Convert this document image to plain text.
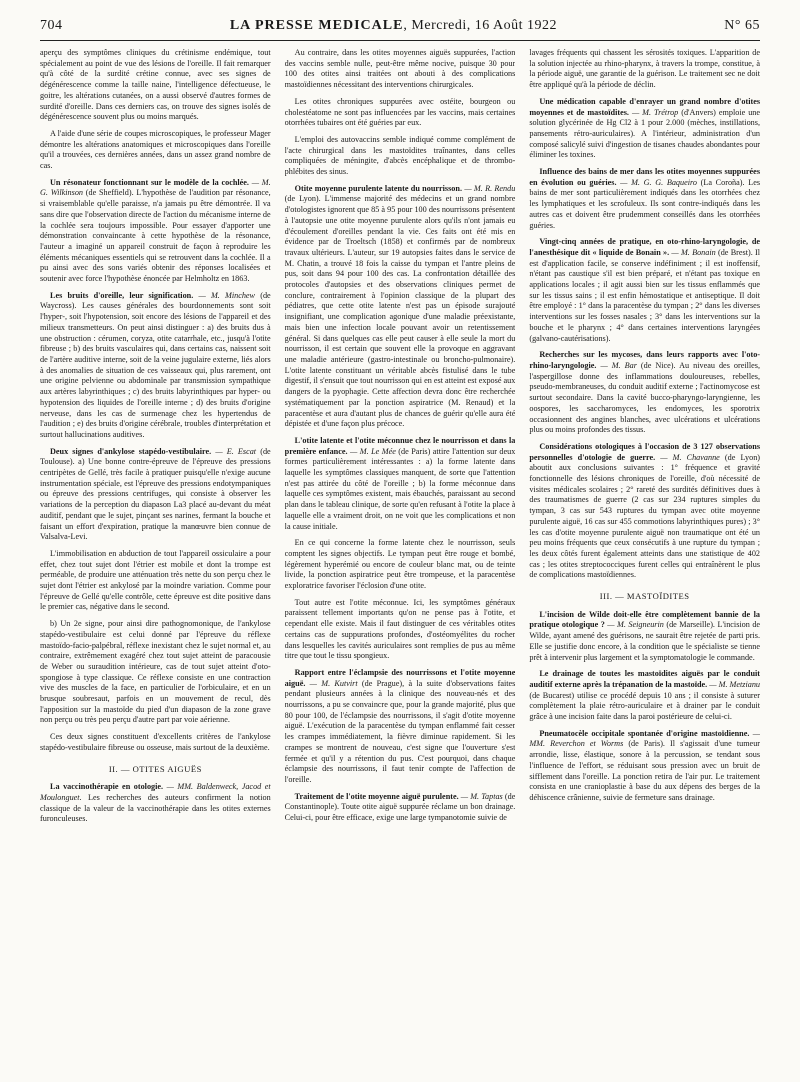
704	LA PRESSE MEDICALE, Mercredi, 16 Août 1922	N° 65

aperçu des symptômes cliniques du crétinisme endémique, tout spécialement au point de vue des lésions de l'oreille. Il fait remarquer qu'à côté de la surdité crétine connue, avec ses signes de dégénérescence comme la taille naine, l'intelligence défectueuse, le goitre, les altérations cutanées, on a aussi observé d'autres formes de surdité d'oreille. Dans ces derniers cas, on trouve des signes isolés de dégénérescence souvent plus ou moins marqués.

A l'aide d'une série de coupes microscopiques, le professeur Mager démontre les altérations anatomiques et microscopiques dans l'oreille qu'il a trouvées, ces dernières années, dans un assez grand nombre de cas.

Un résonateur fonctionnant sur le modèle de la cochlée. — M. G. Wilkinson (de Sheffield). L'hypothèse de l'audition par résonance, si vraisemblable qu'elle paraisse, n'a jamais pu être démontrée. Il va sans dire que l'observation directe de l'action du mécanisme interne de la cochlée sera toujours impossible. Pour essayer d'apporter une démonstration convaincante à cette hypothèse de la résonance, l'auteur a imaginé un appareil construit de façon à reproduire les éléments mécaniques essentiels qui se retrouvent dans la cochlée. Il a pu ainsi avec des sons variés obtenir des réponses localisées et soutenir avec force l'hypothèse énoncée par Helmholtz en 1863.

Les bruits d'oreille, leur signification. — M. Minchew (de Waycross). Les causes générales des bourdonnements sont soit l'hyper-, soit l'hypotension, soit encore des lésions de l'appareil et des milieux transmetteurs. On peut ainsi distinguer : a) des bruits dus à une obstruction : cérumen, coryza, otite catarrhale, etc., jusqu'à l'otite fibreuse ; b) des bruits vasculaires qui, dans certains cas, naissent soit de l'artère auditive interne, soit de la veine jugulaire externe, liés alors à des anomalies de situation de ces vaisseaux qui, plus rarement, ont une origine pelvienne ou abdominale par transmission sympathique aux artères labyrinthiques ; c) des bruits labyrinthiques par hyper- ou hypotension des liquides de l'oreille interne ; d) des bruits d'origine nerveuse, dans les cas de surmenage chez les hypertendus de l'audition ; e) des bruits d'origine cérébrale, troubles d'interprétation et surtout hallucinations auditives.

Deux signes d'ankylose stapédo-vestibulaire. — E. Escat (de Toulouse). a) Une bonne contre-épreuve de l'épreuve des pressions centripètes de Gellé, très facile à pratiquer puisqu'elle n'exige aucune instrumentation spéciale, est l'épreuve des pressions endotympaniques ou épreuve des pressions centrifuges, qui consiste à observer les variations de la perception du diapason La3 placé au-devant du méat auditif, pendant que le sujet, pinçant ses narines, fermant la bouche et faisant un effort d'expiration, pratique la manœuvre bien connue de Valsalva-Levi.

L'immobilisation en abduction de tout l'appareil ossiculaire a pour effet, chez tout sujet dont l'étrier est mobile et dont la trompe est perméable, de produire une atténuation très nette du son perçu chez le sujet dont l'étrier est ankylosé par la moindre variation. Comme pour l'épreuve de Gellé qu'elle contrôle, cette épreuve est dite positive dans le premier cas, négative dans le second.

b) Un 2e signe, pour ainsi dire pathognomonique, de l'ankylose stapédo-vestibulaire est celui donné par l'épreuve du réflexe mastoïdo-facio-palpébral, réflexe inexistant chez le sujet normal et, au contraire, extrêmement exagéré chez tout sujet atteint de paracousie de Weber ou suraudition intérieure, cas de tout sujet atteint d'oto-spongiose à type classique. Ce réflexe consiste en une contraction vive des muscles de la face, en particulier de l'orbiculaire, et en un brusque soubresaut, parfois en un mouvement de recul, dès l'apposition sur la mastoïde du pied d'un diapason de la zone grave non perçu ou très peu perçu d'autre part par voie aérienne.

Ces deux signes constituent d'excellents critères de l'ankylose stapédo-vestibulaire fibreuse ou osseuse, mais surtout de la deuxième.

II. — OTITES AIGUËS

La vaccinothérapie en otologie. — MM. Baldenweck, Jacod et Moulonguet. Les recherches des auteurs confirment la notion classique de la valeur de la vaccinothérapie dans les otites externes furonculeuses.

Au contraire, dans les otites moyennes aiguës suppurées, l'action des vaccins semble nulle, peut-être même nocive, puisque 30 pour 100 des otites ainsi traitées ont abouti à des complications mastoïdiennes nécessitant des interventions chirurgicales.

Les otites chroniques suppurées avec ostéite, bourgeon ou cholestéatome ne sont pas influencées par les vaccins, mais certaines otorrhées tubaires ont été guéries par eux.

L'emploi des autovaccins semble indiqué comme complément de l'acte chirurgical dans les mastoïdites traînantes, dans celles compliquées de méningite, d'abcès encéphalique et de thrombo-phlébites des sinus.

Otite moyenne purulente latente du nourrisson. — M. R. Rendu (de Lyon). L'immense majorité des médecins et un grand nombre d'otologistes ignorent que 85 à 95 pour 100 des nourrissons présentent à l'autopsie une otite moyenne purulente alors qu'ils n'ont jamais eu d'écoulement d'oreilles pendant la vie. Ces faits ont été mis en évidence par de Troeltsch (1858) et confirmés par de nombreux travaux ultérieurs. L'auteur, sur 19 autopsies faites dans le service de M. Chatin, a trouvé 18 fois la caisse du tympan et l'antre pleins de pus, soit dans 94 pour 100 des cas. La confrontation détaillée des protocoles d'autopsies et des observations cliniques permet de conclure, contrairement à l'opinion classique de la plupart des pédiatres, que cette otite latente n'est pas un épisode surajouté insignifiant, une complication agonique d'une maladie préexistante, mais bien une infection locale pouvant avoir un retentissement général. Si dans quelques cas elle peut causer à elle seule la mort du nourrisson, il est certain que souvent elle la provoque en aggravant une maladie antérieure (gastro-intestinale ou broncho-pulmonaire). L'otite latente constituant un véritable abcès fistulisé dans le tube digestif, il s'ensuit que tout nourrisson qui en est atteint est exposé aux dangers de la pyophagie. Cette affection devra donc être recherchée systématiquement par la ponction aspiratrice (M. Renaud) et la paracentèse et aura d'autant plus de chances de guérir qu'elle aura été dépistée et d'une façon plus précoce.

L'otite latente et l'otite méconnue chez le nourrisson et dans la première enfance. — M. Le Mée (de Paris) attire l'attention sur deux formes particulièrement intéressantes : a) la forme latente dans laquelle les symptômes classiques manquent, de sorte que l'attention n'est pas attirée du côté de l'oreille ; b) la forme méconnue dans laquelle ces symptômes existent, mais ébauchés, paraissant au second plan dans le tableau clinique, de sorte qu'en refusant à l'otite la place à laquelle elle a vraiment droit, on ne voit que les complications et non la cause initiale.

En ce qui concerne la forme latente chez le nourrisson, seuls comptent les signes objectifs. Le tympan peut être rouge et bombé, légèrement hyperémié ou encore de couleur blanc mat, ou de teinte livide, la ponction aspiratrice peut être trompeuse, et la paracentèse exploratrice favoriser l'éclosion d'une otite.

Tout autre est l'otite méconnue. Ici, les symptômes généraux paraissent tellement importants qu'on ne pense pas à l'otite, et cependant elle existe. Mais il faut distinguer de ces véritables otites certains cas de suppurations profondes, d'ostéomyélites du rocher dans lesquelles les cavités auriculaires sont remplies de pus au même titre que tout le tissu spongieux.

Rapport entre l'éclampsie des nourrissons et l'otite moyenne aiguë. — M. Kutvirt (de Prague), à la suite d'observations faites pendant plusieurs années à la clinique des nouveau-nés et des nourrissons, a pu se convaincre que, pour la grande majorité, plus que 80 pour 100, de l'éclampsie des nourrissons, il s'agit d'otite moyenne aiguë. L'exécution de la paracentèse du tympan enflammé fait cesser les crampes immédiatement, la fièvre diminue rapidement. Si les crampes se montrent de nouveau, c'est signe que l'ouverture s'est fermée et qu'il y a rétention du pus. C'est pourquoi, dans chaque éclampsie des nourrissons, il faut tenir compte de l'affection de l'oreille.

Traitement de l'otite moyenne aiguë purulente. — M. Taptas (de Constantinople). Toute otite aiguë suppurée réclame un bon drainage. Celui-ci, pour être efficace, exige une large tympanotomie suivie de

lavages fréquents qui chassent les sérosités toxiques. L'apparition de la solution injectée au rhino-pharynx, à travers la trompe, constitue, à la période aiguë, une garantie de la guérison. Le traitement sec ne doit être appliqué qu'à la période de déclin.

Une médication capable d'enrayer un grand nombre d'otites moyennes et de mastoïdites. — M. Trétrop (d'Anvers) emploie une solution glycérinée de Hg Cl2 à 1 pour 2.000 (mèches, instillations, pansements rétro-auriculaires). A l'intérieur, administration d'un composé salicylé suivi d'ingestion de tisanes chaudes abondantes pour éliminer les toxines.

Influence des bains de mer dans les otites moyennes suppurées en évolution ou guéries. — M. G. G. Baqueiro (La Coroña). Les bains de mer sont particulièrement indiqués dans les otorrhées chez les lymphatiques et les scrofuleux. Ils sont contre-indiqués dans les autres cas et doivent être prudemment conseillés dans les otorrhées guéries.

Vingt-cinq années de pratique, en oto-rhino-laryngologie, de l'anesthésique dit « liquide de Bonain ». — M. Bonain (de Brest). Il est d'application facile, se conserve indéfiniment ; il est inoffensif, n'étant pas caustique s'il est bien préparé, et n'étant pas toxique en applications locales ; il agit aussi bien sur les tissus enflammés que sur les tissus sains ; il est enfin hémostatique et antiseptique. Il doit être employé : 1° dans la paracentèse du tympan ; 2° dans les diverses interventions sur les fosses nasales ; 3° dans les interventions sur la bouche et le pharynx ; 4° dans certaines interventions laryngées (galvano-cautérisations).

Recherches sur les mycoses, dans leurs rapports avec l'oto-rhino-laryngologie. — M. Bar (de Nice). Au niveau des oreilles, l'aspergillose donne des inflammations douloureuses, rebelles, pseudo-membraneuses, du conduit auditif externe ; l'actinomycose est surtout secondaire. Dans la cavité bucco-pharyngo-laryngienne, les oospores, les saccharomyces, les endomyces, les sporotrix occasionnent des angines blanches, avec ulcérations et ulcérations plus ou moins profondes des tissus.

Considérations otologiques à l'occasion de 3 127 observations personnelles d'otologie de guerre. — M. Chavanne (de Lyon) aboutit aux conclusions suivantes : 1° fréquence et gravité fonctionnelle des lésions chroniques de l'oreille, d'où nécessité de visites médicales scolaires ; 2° rareté des surdités définitives dues à des traumatismes de guerre (2 cas sur 234 ruptures simples du tympan, 3 cas sur 543 ruptures du tympan avec otite moyenne purulente aiguë, 16 cas sur 455 commotions labyrinthiques pures) ; 3° les cas d'otite moyenne purulente aiguë non traumatique ont été un peu moins fréquents que ceux consécutifs à une rupture du tympan ; les deux côtés furent également atteints dans une statistique de 402 cas ; les otites streptococciques furent celles qui entraînèrent le plus de complications mastoïdiennes.

III. — MASTOÏDITES

L'incision de Wilde doit-elle être complètement bannie de la pratique otologique ? — M. Seigneurin (de Marseille). L'incision de Wilde, ayant amené des guérisons, ne saurait être rejetée de parti pris. Elle se justifie donc encore, à la condition que le spécialiste se tienne prêt à intervenir plus largement et la symptomatologie le commande.

Le drainage de toutes les mastoïdites aiguës par le conduit auditif externe après la trépanation de la mastoïde. — M. Metzianu (de Bucarest) utilise ce procédé depuis 10 ans ; il consiste à suturer complètement la plaie rétro-auriculaire et à drainer par le conduit grâce à une incision faite dans la paroi postérieure de celui-ci.

Pneumatocèle occipitale spontanée d'origine mastoïdienne. — MM. Reverchon et Worms (de Paris). Il s'agissait d'une tumeur arrondie, lisse, élastique, sonore à la percussion, se tendant sous l'influence de l'effort, se réduisant sous pression avec un bruit de sifflement dans l'oreille. La ponction retira de l'air pur. Le traitement consista en une cranioplastie à base du aux dépens des berges de la déhiscence crânienne, suivie de fermeture sans drainage.
